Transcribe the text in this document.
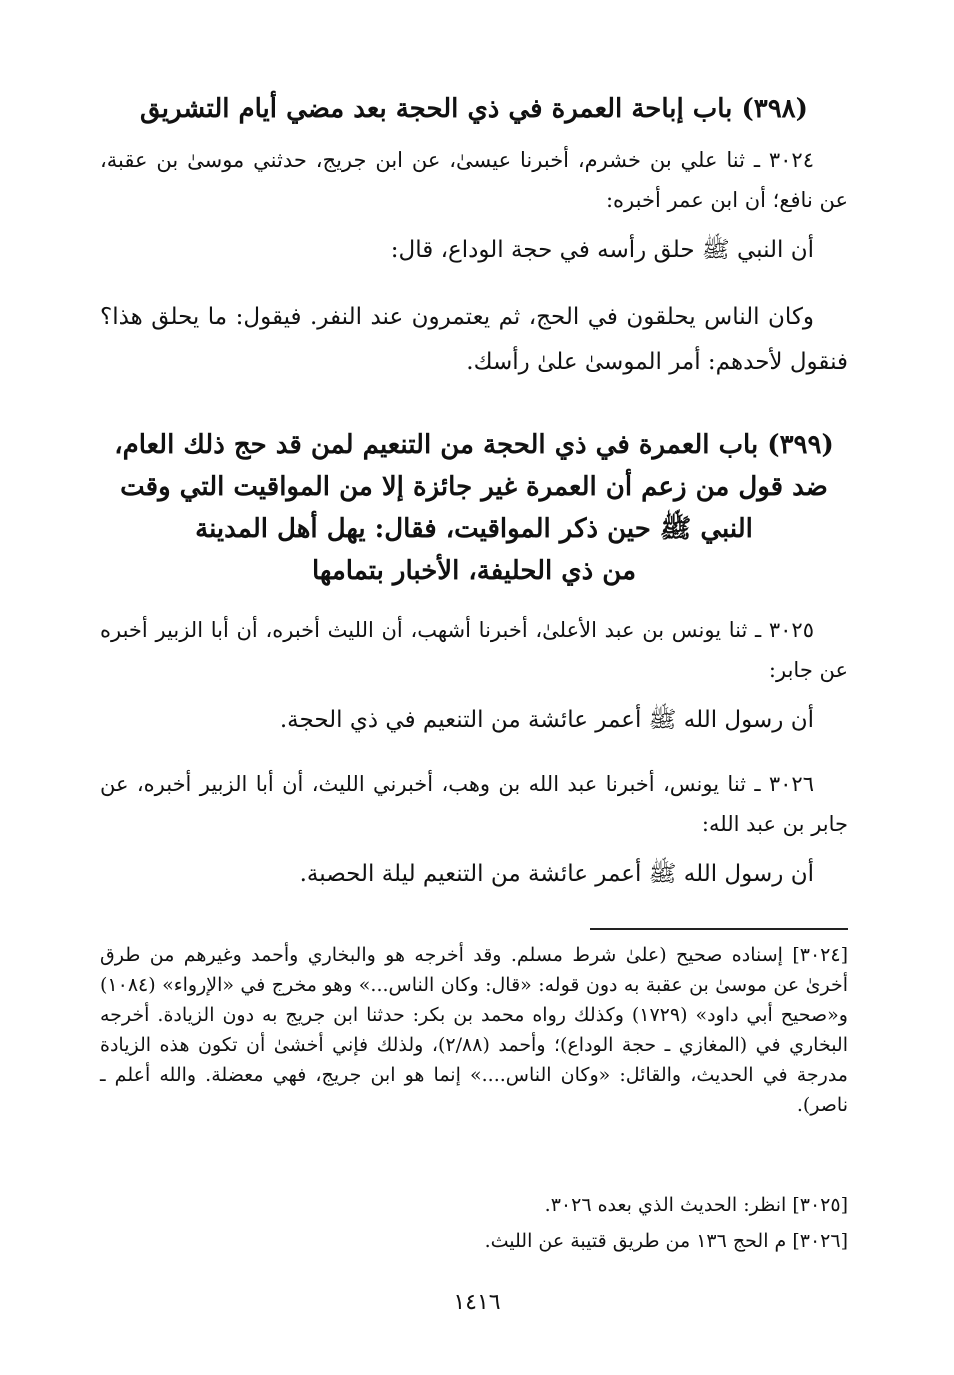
(٣٩٨) باب إباحة العمرة في ذي الحجة بعد مضي أيام التشريق
٣٠٢٤ ـ ثنا علي بن خشرم، أخبرنا عيسىٰ، عن ابن جريج، حدثني موسىٰ بن عقبة، عن نافع؛ أن ابن عمر أخبره:
أن النبي ﷺ حلق رأسه في حجة الوداع، قال:
وكان الناس يحلقون في الحج، ثم يعتمرون عند النفر. فيقول: ما يحلق هذا؟ فنقول لأحدهم: أمر الموسىٰ علىٰ رأسك.
(٣٩٩) باب العمرة في ذي الحجة من التنعيم لمن قد حج ذلك العام،
ضد قول من زعم أن العمرة غير جائزة إلا من المواقيت التي وقت
النبي ﷺ حين ذكر المواقيت، فقال: يهل أهل المدينة
من ذي الحليفة، الأخبار بتمامها
٣٠٢٥ ـ ثنا يونس بن عبد الأعلىٰ، أخبرنا أشهب، أن الليث أخبره، أن أبا الزبير أخبره عن جابر:
أن رسول الله ﷺ أعمر عائشة من التنعيم في ذي الحجة.
٣٠٢٦ ـ ثنا يونس، أخبرنا عبد الله بن وهب، أخبرني الليث، أن أبا الزبير أخبره، عن جابر بن عبد الله:
أن رسول الله ﷺ أعمر عائشة من التنعيم ليلة الحصبة.
[٣٠٢٤] إسناده صحيح (علىٰ شرط مسلم. وقد أخرجه هو والبخاري وأحمد وغيرهم من طرق أخرىٰ عن موسىٰ بن عقبة به دون قوله: «قال: وكان الناس...» وهو مخرج في «الإرواء» (١٠٨٤) و«صحيح أبي داود» (١٧٢٩) وكذلك رواه محمد بن بكر: حدثنا ابن جريج به دون الزيادة. أخرجه البخاري في (المغازي ـ حجة الوداع)؛ وأحمد (٢/٨٨)، ولذلك فإني أخشىٰ أن تكون هذه الزيادة مدرجة في الحديث، والقائل: «وكان الناس....» إنما هو ابن جريج، فهي معضلة. والله أعلم ـ ناصر).
[٣٠٢٥] انظر: الحديث الذي بعده ٣٠٢٦.
[٣٠٢٦] م الحج ١٣٦ من طريق قتيبة عن الليث.
١٤١٦
